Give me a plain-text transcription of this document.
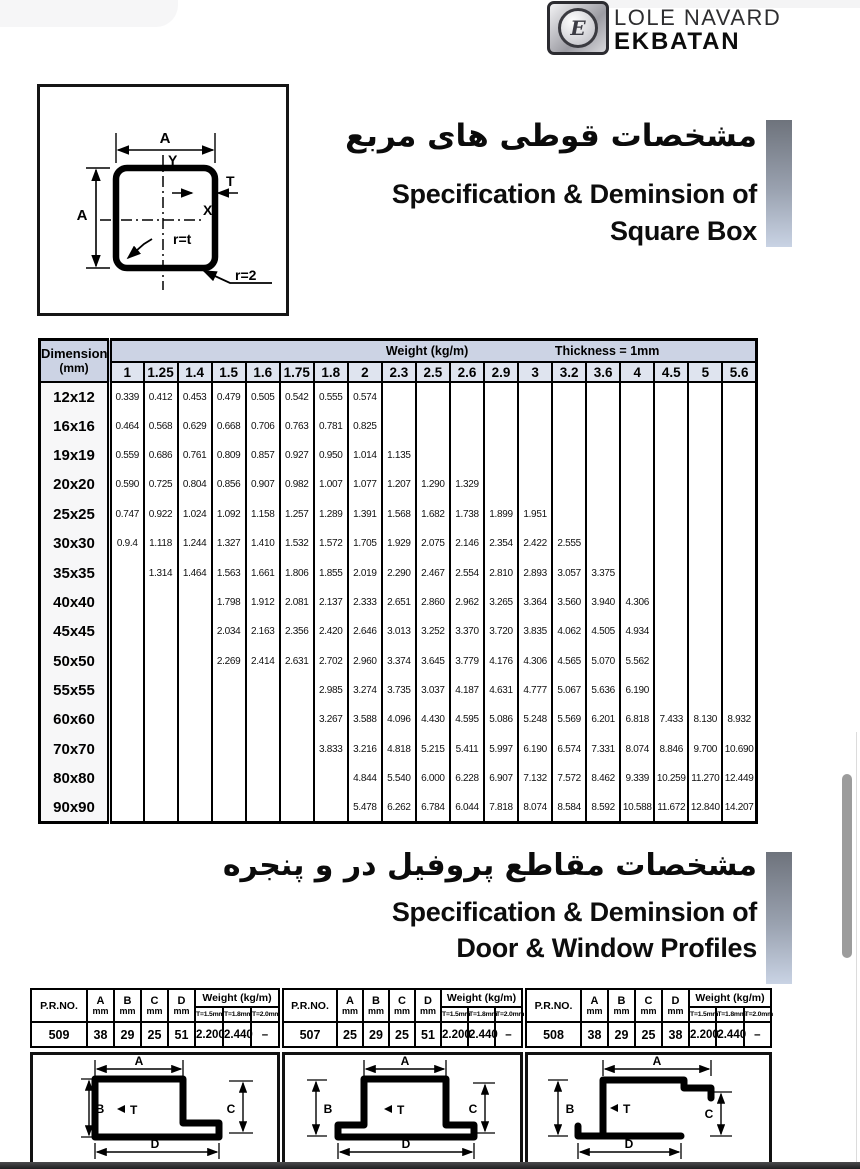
E LOLE NAVARD
EKBATAN
مشخصات قوطی های مربع
Specification & Deminsion of
Square Box
A
A
Y
X
T
r=t
r=2
Dimension
(mm)

Weight (kg/m)	Thickness = 1mm

	1	1.25	1.4	1.5	1.6	1.75	1.8	2	2.3	2.5	2.6	2.9	3	3.2	3.6	4	4.5	5	5.6
12x12	0.339	0.412	0.453	0.479	0.505	0.542	0.555	0.574											
16x16	0.464	0.568	0.629	0.668	0.706	0.763	0.781	0.825											
19x19	0.559	0.686	0.761	0.809	0.857	0.927	0.950	1.014	1.135										
20x20	0.590	0.725	0.804	0.856	0.907	0.982	1.007	1.077	1.207	1.290	1.329								
25x25	0.747	0.922	1.024	1.092	1.158	1.257	1.289	1.391	1.568	1.682	1.738	1.899	1.951						
30x30	0.9.4	1.118	1.244	1.327	1.410	1.532	1.572	1.705	1.929	2.075	2.146	2.354	2.422	2.555					
35x35		1.314	1.464	1.563	1.661	1.806	1.855	2.019	2.290	2.467	2.554	2.810	2.893	3.057	3.375				
40x40				1.798	1.912	2.081	2.137	2.333	2.651	2.860	2.962	3.265	3.364	3.560	3.940	4.306			
45x45				2.034	2.163	2.356	2.420	2.646	3.013	3.252	3.370	3.720	3.835	4.062	4.505	4.934			
50x50				2.269	2.414	2.631	2.702	2.960	3.374	3.645	3.779	4.176	4.306	4.565	5.070	5.562			
55x55							2.985	3.274	3.735	3.037	4.187	4.631	4.777	5.067	5.636	6.190			
60x60							3.267	3.588	4.096	4.430	4.595	5.086	5.248	5.569	6.201	6.818	7.433	8.130	8.932
70x70							3.833	3.216	4.818	5.215	5.411	5.997	6.190	6.574	7.331	8.074	8.846	9.700	10.690
80x80								4.844	5.540	6.000	6.228	6.907	7.132	7.572	8.462	9.339	10.259	11.270	12.449
90x90								5.478	6.262	6.784	6.044	7.818	8.074	8.584	8.592	10.588	11.672	12.840	14.207
مشخصات مقاطع پروفیل در و پنجره
Specification & Deminsion of
Door & Window Profiles
P.R.NO.	A
mm

B
mm

C
mm

D
mm
	Weight (kg/m)
					T=1.5mm	T=1.8mm	T=2.0mm
509	38	29	25	51	2.200	2.440	–
A
B	C
D
T
P.R.NO.	A
mm

B
mm

C
mm

D
mm
	Weight (kg/m)
					T=1.5mm	T=1.8mm	T=2.0mm
507	25	29	25	51	2.200	2.440	–
A
B	C
D
T
P.R.NO.	A
mm

B
mm

C
mm

D
mm
	Weight (kg/m)
					T=1.5mm	T=1.8mm	T=2.0mm
508	38	29	25	38	2.200	2.440	–
A
B	C
D
T
